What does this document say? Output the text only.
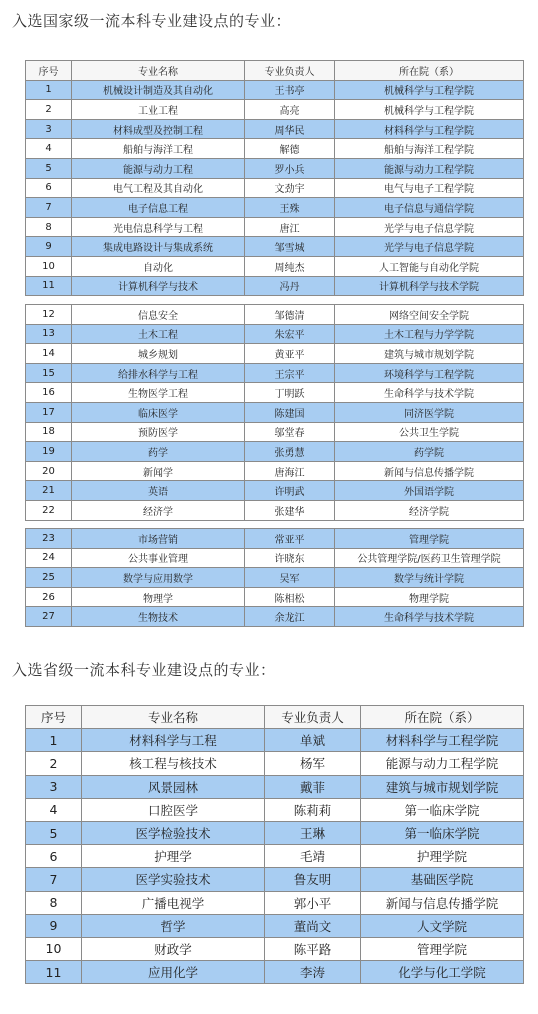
入选国家级一流本科专业建设点的专业：
序号	专业名称	专业负责人	所在院（系）
1	机械设计制造及其自动化	王书亭	机械科学与工程学院
2	工业工程	高亮	机械科学与工程学院
3	材料成型及控制工程	周华民	材料科学与工程学院
4	船舶与海洋工程	解德	船舶与海洋工程学院
5	能源与动力工程	罗小兵	能源与动力工程学院
6	电气工程及其自动化	文劲宇	电气与电子工程学院
7	电子信息工程	王殊	电子信息与通信学院
8	光电信息科学与工程	唐江	光学与电子信息学院
9	集成电路设计与集成系统	邹雪城	光学与电子信息学院
10	自动化	周纯杰	人工智能与自动化学院
11	计算机科学与技术	冯丹	计算机科学与技术学院
12	信息安全	邹德清	网络空间安全学院
13	土木工程	朱宏平	土木工程与力学学院
14	城乡规划	黄亚平	建筑与城市规划学院
15	给排水科学与工程	王宗平	环境科学与工程学院
16	生物医学工程	丁明跃	生命科学与技术学院
17	临床医学	陈建国	同济医学院
18	预防医学	邬堂春	公共卫生学院
19	药学	张勇慧	药学院
20	新闻学	唐海江	新闻与信息传播学院
21	英语	许明武	外国语学院
22	经济学	张建华	经济学院
23	市场营销	常亚平	管理学院
24	公共事业管理	许晓东	公共管理学院/医药卫生管理学院
25	数学与应用数学	吴军	数学与统计学院
26	物理学	陈相松	物理学院
27	生物技术	余龙江	生命科学与技术学院
入选省级一流本科专业建设点的专业：
序号	专业名称	专业负责人	所在院（系）
1	材料科学与工程	单斌	材料科学与工程学院
2	核工程与核技术	杨军	能源与动力工程学院
3	风景园林	戴菲	建筑与城市规划学院
4	口腔医学	陈莉莉	第一临床学院
5	医学检验技术	王琳	第一临床学院
6	护理学	毛靖	护理学院
7	医学实验技术	鲁友明	基础医学院
8	广播电视学	郭小平	新闻与信息传播学院
9	哲学	董尚文	人文学院
10	财政学	陈平路	管理学院
11	应用化学	李涛	化学与化工学院
